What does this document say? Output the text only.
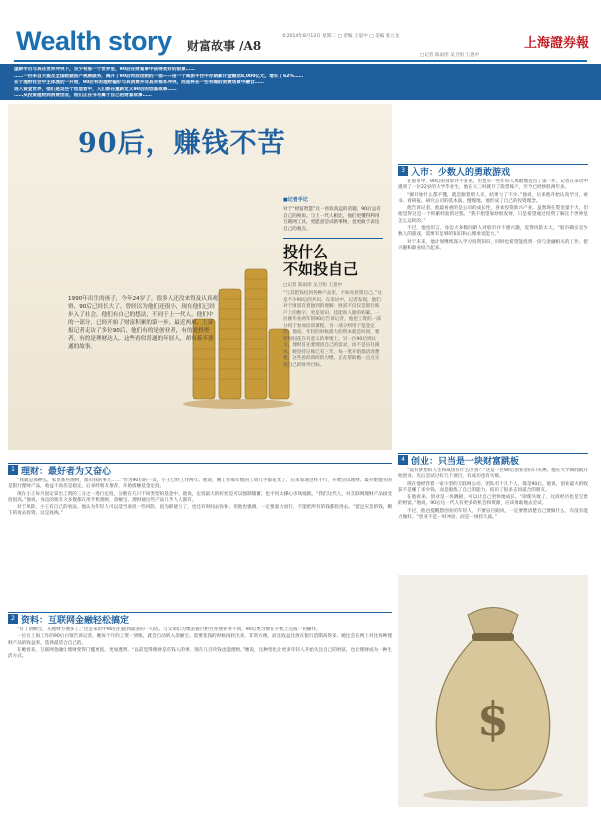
Wealth story 财富故事 /A8
©2014年8月12日 星期二 □ 责编 王思中 □ 美编 张立龙	上海證券報
□记者 陈雨彤 吴卫恒 王思中

虚龄半百与其在世界冲突下，至少有那一个世界里，90后在财富事中获得更好的前景……

……一份来自天猫及全国数据资产视频服务，揭开了90后时段创始的一面——由一个商旅平台中存期累计金额达8,000亿元，增长了62%……

在于理财社会中主体流的一开始，90后有的理财偏好与其消费并非具有根本冲突，而是将在一些有趣的消费场景中融合……

进入资金世界，他们是这些个创造者中，人们都在重新定义90后的创富故事……

……从投资理财到消费创业，他们正在书写属于自己的财富故事……

90后，赚钱不苦

1990年出生的孩子，今年24岁了。很多人还没来得及认真观察，90后已经长大了。曾经以为他们还很小，现在他们已经步入了社会。他们有自己的想法，不同于上一代人。他们中的一部分，已经开始了财富积累的第一步。最近两周，上证报记者走访了多位90后，他们有的是创业者，有的是投资者，有的是理财达人。这些看似普通的年轻人，却有着不普通的故事。

■记者手记

对于“财富智慧”这一看似高远的话题，90后总有自己的视角。与上一代人相比，他们更懂得利用互联网工具，更愿意尝试新事物，也更敢于表达自己的观点。

投什么
不如投自己
□记者 陈雨彤 吴卫恒 王思中

“与其把钱投到各种产品里，不如先投资自己。”这是不少90后的共识。在采访中，记者发现，他们对于财富有着独到的理解：财富不仅仅是银行账户上的数字，更是知识、技能和人脉的积累。一位刚毕业两年的90后告诉记者，他把工资的一部分用于参加培训课程，另一部分则用于基金定投。他说，年轻的时候最大的资本就是时间，要把时间花在有意义的事情上。另一位90后则认为，理财首先要理清自己的需求，而不是盲目跟风。她坚持记账已有三年，每一笔开销都清清楚楚。这些看似琐碎的习惯，正在帮助她一点点实现自己的财务目标。

1 理财：最好者为又奋心

“我就是那种么，家里那些理财，都有我的事儿……”作为90后的一员，小王已经工作两年。他说，刚工作那年他的工资几乎都花光了，后来发现这样不行，开始尝试理财。最开始他买的是银行理财产品，收益不高但是稳定。后来经朋友推荐，开始接触基金定投。

现在小王每月固定拿出工资的三分之一进行定投，分散在几只不同类型的基金中。他说，定投最大的好处是可以强制储蓄，也不用太操心市场涨跌。“我们这代人，对互联网理财产品接受度很高。”他说，身边的朋友大多数都在用手机理财，余额宝、理财通这些产品几乎人人都有。

对于风险，小王有自己的看法。他认为年轻人可以适当承担一些风险，因为即使亏了，也还有时间去弥补。但他也强调，一定要量力而行，不能把所有的钱都投进去。“留足应急的钱，剩下的再去投资，这是底线。”

2 资料：互联网金融轻松搞定

“有了余额宝，买理财方便多了。”这是采访中90后们提到最多的一句话。与父辈们习惯去银行柜台办理业务不同，90后更习惯在手机上完成一切操作。

一位在上海工作的90后白领告诉记者，她每个月的工资一到账，就会自动转入余额宝。需要花钱的时候再转出来，非常方便。而且收益比放在银行活期高得多。她还会在网上对比各种理财产品的收益率，选择最适合自己的。

在她看来，互联网金融让理财变得门槛更低、更加透明。“以前觉得理财是有钱人的事，现在几百块钱也能理财。”她说，这种变化让更多年轻人开始关注自己的财富，也让理财成为一种生活方式。

3 入市：少数人的勇敢游戏

在股市中，90后的身影并不多见，但也有一些年轻人勇敢地迈出了第一步。记者在采访中遇到了一位22岁的大学毕业生，他在大三时就开了股票账户，至今已经炒股两年多。

“刚开始什么都不懂，就是跟着别人买，结果亏了不少。”他说，后来他开始认真学习，看书、看研报、研究公司的基本面。慢慢地，他形成了自己的投资理念。

他告诉记者，他最看重的是公司的成长性，喜欢投资新兴产业。虽然现在资金量不大，但他觉得这是一个积累经验的过程。“我不指望靠炒股发财，只是希望通过投资了解这个世界是怎么运转的。”

不过，他也坦言，身边大多数同龄人对股市并不感兴趣，觉得风险太大。“股市确实是少数人的游戏，需要有足够的知识和心理承受能力。”

对于未来，他计划继续深入学习投资知识，同时也希望能找到一份与金融相关的工作，把兴趣和职业结合起来。

4 创业：只当是一块财富跳板

“没有梦想的人生和咸鱼有什么区别？”这是一位90后创业者的口头禅。他在大学期间就开始创业，先后尝试过好几个项目，有成功也有失败。

现在他经营着一家小型的互联网公司，团队有十几个人，都是90后。他说，创业最大的收获不是赚了多少钱，而是锻炼了自己的能力，结识了很多志同道合的朋友。

在他看来，创业是一块跳板，可以让自己更快地成长。“即使失败了，这段经历也是宝贵的财富。”他说，90后这一代人有更多的机会和资源，应该勇敢地去尝试。

不过，他也提醒想创业的年轻人，不要盲目跟风，一定要想清楚自己要做什么，有没有能力做好。“创业不是一时冲动，而是一场持久战。”

$
